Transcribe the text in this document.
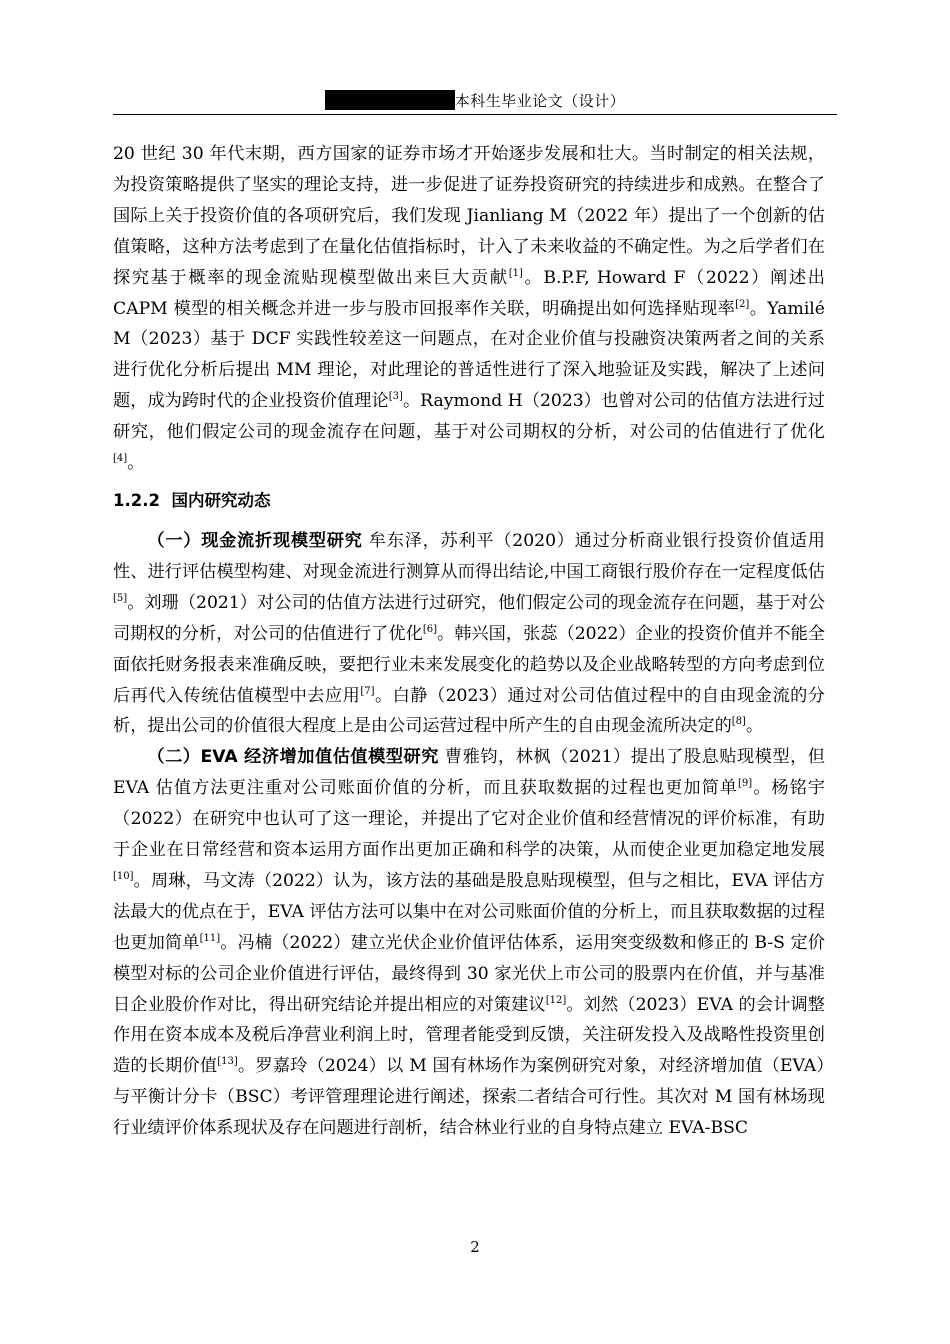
本科生毕业论文（设计）

20 世纪 30 年代末期，西方国家的证券市场才开始逐步发展和壮大。当时制定的相关法规，为投资策略提供了坚实的理论支持，进一步促进了证券投资研究的持续进步和成熟。在整合了国际上关于投资价值的各项研究后，我们发现 Jianliang M（2022 年）提出了一个创新的估值策略，这种方法考虑到了在量化估值指标时，计入了未来收益的不确定性。为之后学者们在探究基于概率的现金流贴现模型做出来巨大贡献[1]。B.P.F, Howard F（2022）阐述出 CAPM 模型的相关概念并进一步与股市回报率作关联，明确提出如何选择贴现率[2]。Yamilé M（2023）基于 DCF 实践性较差这一问题点，在对企业价值与投融资决策两者之间的关系进行优化分析后提出 MM 理论，对此理论的普适性进行了深入地验证及实践，解决了上述问题，成为跨时代的企业投资价值理论[3]。Raymond H（2023）也曾对公司的估值方法进行过研究，他们假定公司的现金流存在问题，基于对公司期权的分析，对公司的估值进行了优化[4]。

1.2.2 国内研究动态

（一）现金流折现模型研究 牟东泽，苏利平（2020）通过分析商业银行投资价值适用性、进行评估模型构建、对现金流进行测算从而得出结论,中国工商银行股价存在一定程度低估[5]。刘珊（2021）对公司的估值方法进行过研究，他们假定公司的现金流存在问题，基于对公司期权的分析，对公司的估值进行了优化[6]。韩兴国，张蕊（2022）企业的投资价值并不能全面依托财务报表来准确反映，要把行业未来发展变化的趋势以及企业战略转型的方向考虑到位后再代入传统估值模型中去应用[7]。白静（2023）通过对公司估值过程中的自由现金流的分析，提出公司的价值很大程度上是由公司运营过程中所产生的自由现金流所决定的[8]。

（二）EVA 经济增加值估值模型研究 曹雅钧，林枫（2021）提出了股息贴现模型，但 EVA 估值方法更注重对公司账面价值的分析，而且获取数据的过程也更加简单[9]。杨铭宇（2022）在研究中也认可了这一理论，并提出了它对企业价值和经营情况的评价标准，有助于企业在日常经营和资本运用方面作出更加正确和科学的决策，从而使企业更加稳定地发展[10]。周琳，马文涛（2022）认为，该方法的基础是股息贴现模型，但与之相比，EVA 评估方法最大的优点在于，EVA 评估方法可以集中在对公司账面价值的分析上，而且获取数据的过程也更加简单[11]。冯楠（2022）建立光伏企业价值评估体系，运用突变级数和修正的 B-S 定价模型对标的公司企业价值进行评估，最终得到 30 家光伏上市公司的股票内在价值，并与基准日企业股价作对比，得出研究结论并提出相应的对策建议[12]。刘然（2023）EVA 的会计调整作用在资本成本及税后净营业利润上时，管理者能受到反馈，关注研发投入及战略性投资里创造的长期价值[13]。罗嘉玲（2024）以 M 国有林场作为案例研究对象，对经济增加值（EVA）与平衡计分卡（BSC）考评管理理论进行阐述，探索二者结合可行性。其次对 M 国有林场现行业绩评价体系现状及存在问题进行剖析，结合林业行业的自身特点建立 EVA-BSC

2
